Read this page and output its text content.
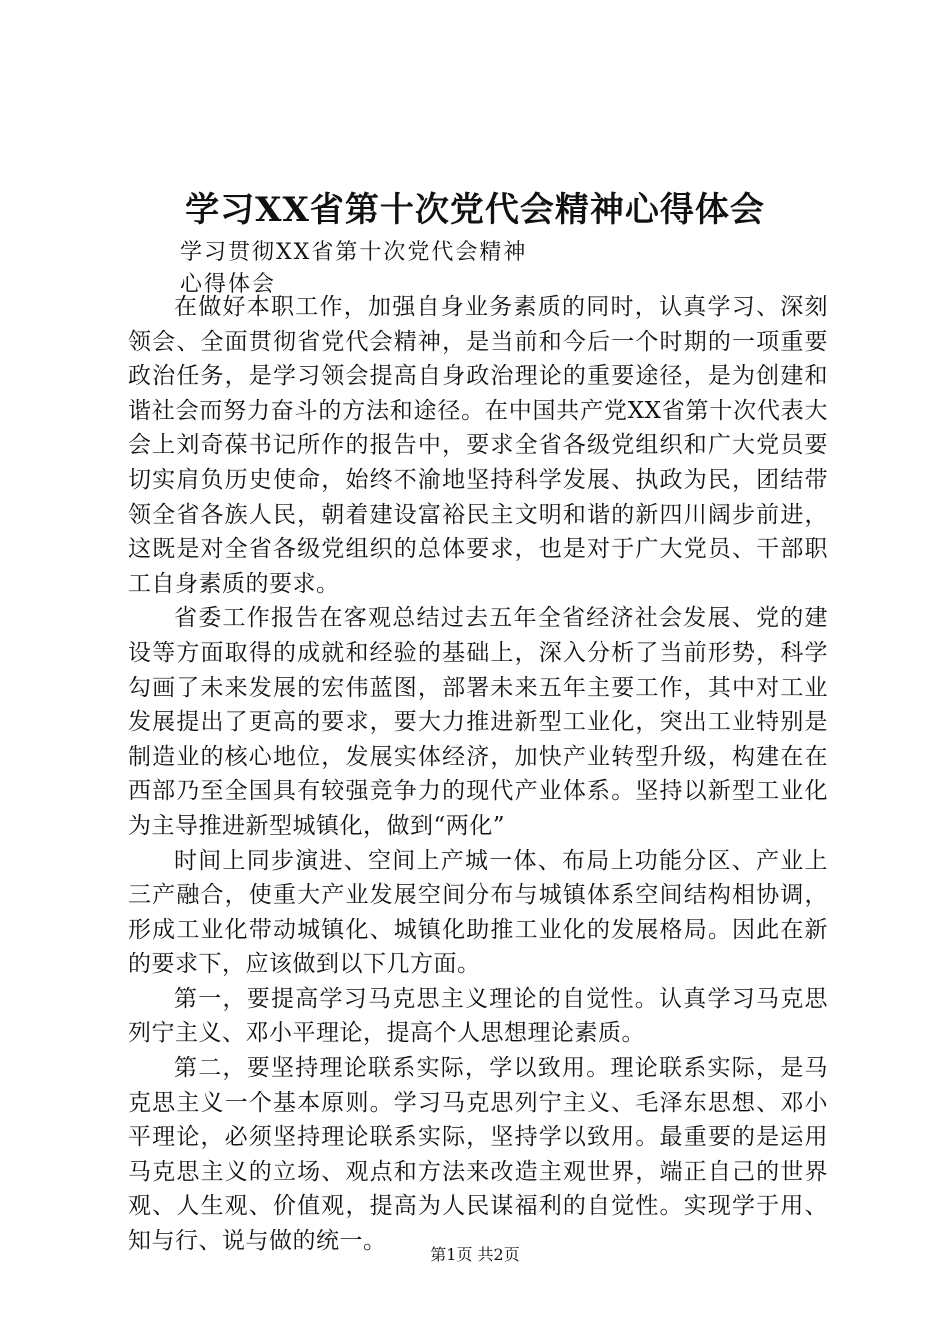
学习XX省第十次党代会精神心得体会
学习贯彻XX省第十次党代会精神
心得体会

在做好本职工作，加强自身业务素质的同时，认真学习、深刻领会、全面贯彻省党代会精神，是当前和今后一个时期的一项重要政治任务，是学习领会提高自身政治理论的重要途径，是为创建和谐社会而努力奋斗的方法和途径。在中国共产党XX省第十次代表大会上刘奇葆书记所作的报告中，要求全省各级党组织和广大党员要切实肩负历史使命，始终不渝地坚持科学发展、执政为民，团结带领全省各族人民，朝着建设富裕民主文明和谐的新四川阔步前进，这既是对全省各级党组织的总体要求，也是对于广大党员、干部职工自身素质的要求。

省委工作报告在客观总结过去五年全省经济社会发展、党的建设等方面取得的成就和经验的基础上，深入分析了当前形势，科学勾画了未来发展的宏伟蓝图，部署未来五年主要工作，其中对工业发展提出了更高的要求，要大力推进新型工业化，突出工业特别是制造业的核心地位，发展实体经济，加快产业转型升级，构建在在西部乃至全国具有较强竞争力的现代产业体系。坚持以新型工业化为主导推进新型城镇化，做到“两化”

时间上同步演进、空间上产城一体、布局上功能分区、产业上三产融合，使重大产业发展空间分布与城镇体系空间结构相协调，形成工业化带动城镇化、城镇化助推工业化的发展格局。因此在新的要求下，应该做到以下几方面。

第一，要提高学习马克思主义理论的自觉性。认真学习马克思列宁主义、邓小平理论，提高个人思想理论素质。

第二，要坚持理论联系实际，学以致用。理论联系实际，是马克思主义一个基本原则。学习马克思列宁主义、毛泽东思想、邓小平理论，必须坚持理论联系实际，坚持学以致用。最重要的是运用马克思主义的立场、观点和方法来改造主观世界，端正自己的世界观、人生观、价值观，提高为人民谋福利的自觉性。实现学于用、知与行、说与做的统一。

第1页 共2页
